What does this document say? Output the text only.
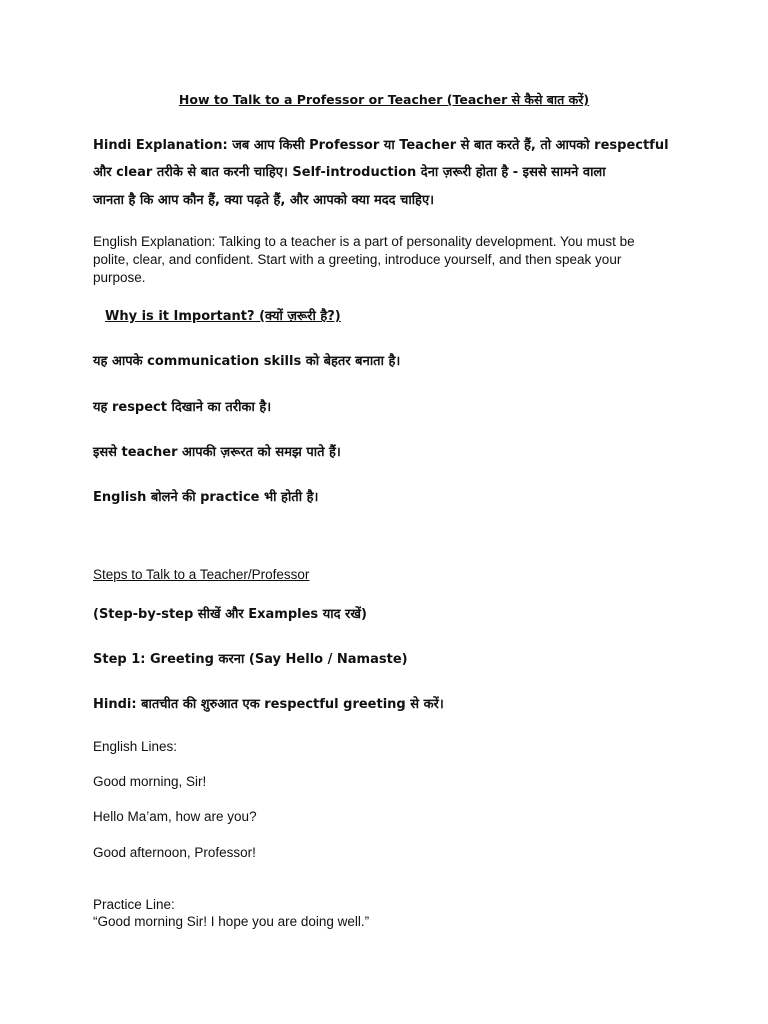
How to Talk to a Professor or Teacher (Teacher से कैसे बात करें)
Hindi Explanation: जब आप किसी Professor या Teacher से बात करते हैं, तो आपको respectful
और clear तरीके से बात करनी चाहिए। Self-introduction देना ज़रूरी होता है - इससे सामने वाला
जानता है कि आप कौन हैं, क्या पढ़ते हैं, और आपको क्या मदद चाहिए।
English Explanation: Talking to a teacher is a part of personality development. You must be polite, clear, and confident. Start with a greeting, introduce yourself, and then speak your purpose.
Why is it Important? (क्यों ज़रूरी है?)
यह आपके communication skills को बेहतर बनाता है।
यह respect दिखाने का तरीका है।
इससे teacher आपकी ज़रूरत को समझ पाते हैं।
English बोलने की practice भी होती है।
Steps to Talk to a Teacher/Professor
(Step-by-step सीखें और Examples याद रखें)
Step 1: Greeting करना (Say Hello / Namaste)
Hindi: बातचीत की शुरुआत एक respectful greeting से करें।
English Lines:
Good morning, Sir!
Hello Ma’am, how are you?
Good afternoon, Professor!
Practice Line:
“Good morning Sir! I hope you are doing well.”
